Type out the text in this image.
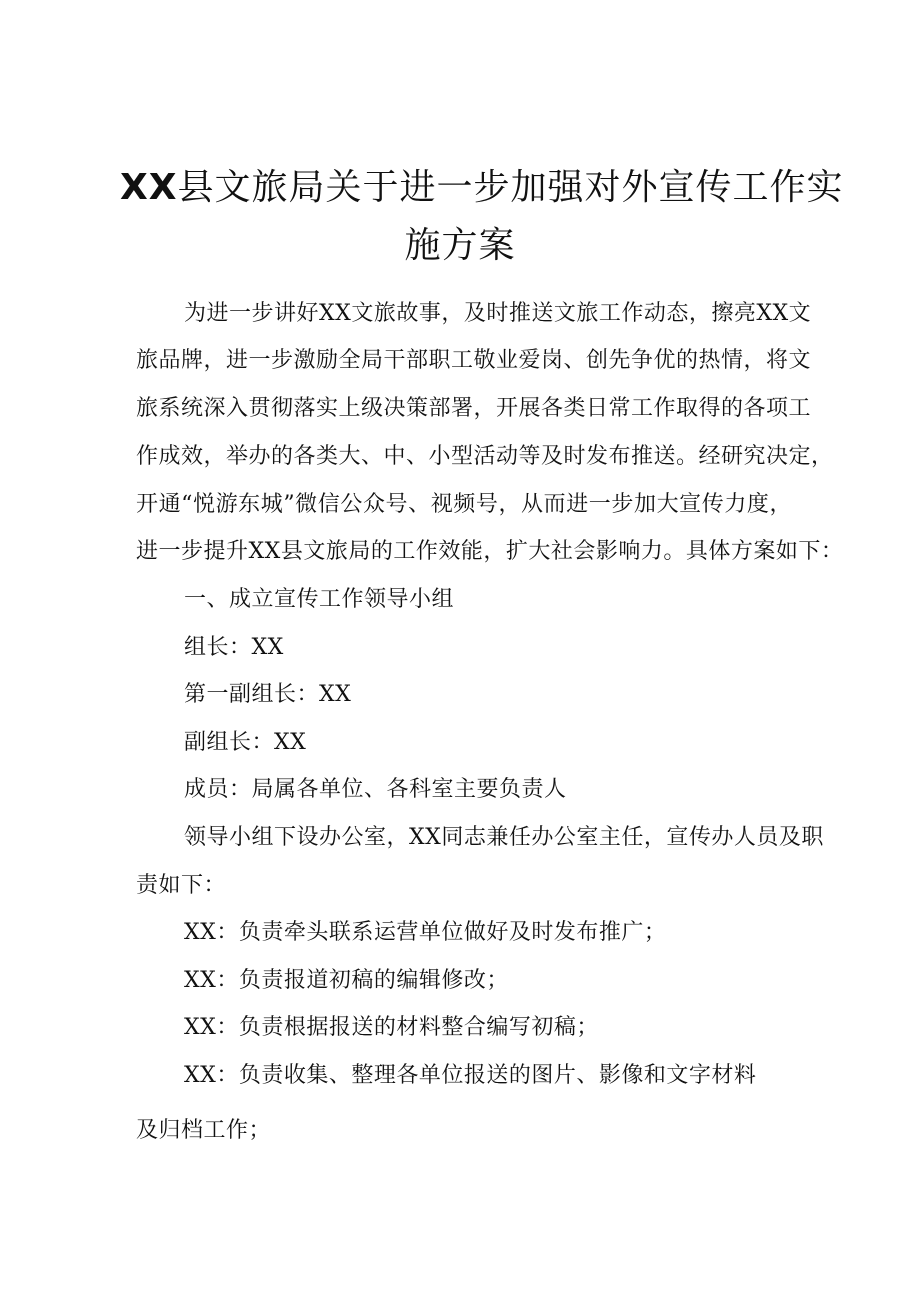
XX县文旅局关于进一步加强对外宣传工作实
施方案
为进一步讲好XX文旅故事，及时推送文旅工作动态，擦亮XX文
旅品牌，进一步激励全局干部职工敬业爱岗、创先争优的热情，将文
旅系统深入贯彻落实上级决策部署，开展各类日常工作取得的各项工
作成效，举办的各类大、中、小型活动等及时发布推送。经研究决定，
开通“悦游东城”微信公众号、视频号，从而进一步加大宣传力度，
进一步提升XX县文旅局的工作效能，扩大社会影响力。具体方案如下：
一、成立宣传工作领导小组
组长：XX
第一副组长：XX
副组长：XX
成员：局属各单位、各科室主要负责人
领导小组下设办公室，XX同志兼任办公室主任，宣传办人员及职
责如下：
XX：负责牵头联系运营单位做好及时发布推广；
XX：负责报道初稿的编辑修改；
XX：负责根据报送的材料整合编写初稿；
XX：负责收集、整理各单位报送的图片、影像和文字材料
及归档工作；
